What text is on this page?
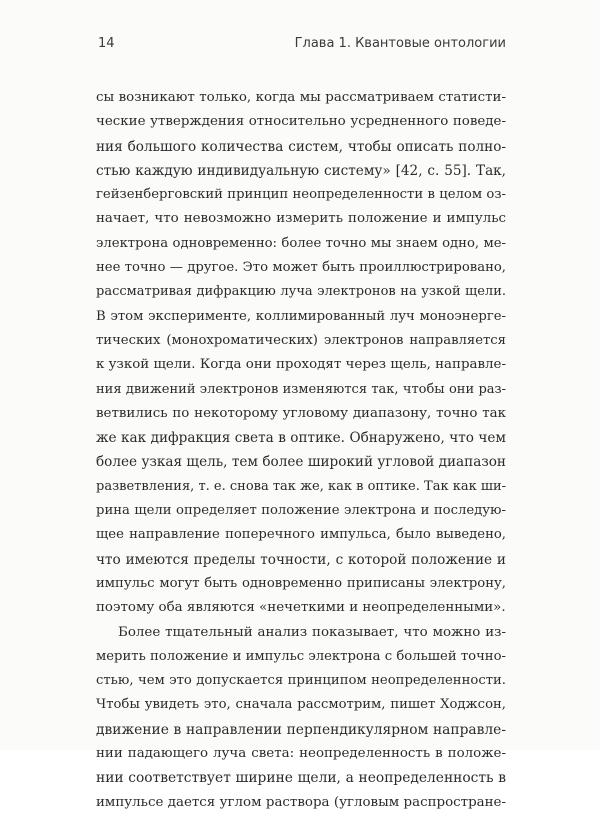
14	Глава 1. Квантовые онтологии
сы возникают только, когда мы рассматриваем статисти-
ческие утверждения относительно усредненного поведе-
ния большого количества систем, чтобы описать полно-
стью каждую индивидуальную систему» [42, с. 55]. Так,
гейзенберговский принцип неопределенности в целом оз-
начает, что невозможно измерить положение и импульс
электрона одновременно: более точно мы знаем одно, ме-
нее точно — другое. Это может быть проиллюстрировано,
рассматривая дифракцию луча электронов на узкой щели.
В этом эксперименте, коллимированный луч моноэнергe-
тических (монохроматических) электронов направляется
к узкой щели. Когда они проходят через щель, направле-
ния движений электронов изменяются так, чтобы они раз-
ветвились по некоторому угловому диапазону, точно так
же как дифракция света в оптике. Обнаружено, что чем
более узкая щель, тем более широкий угловой диапазон
разветвления, т. е. снова так же, как в оптике. Так как ши-
рина щели определяет положение электрона и последую-
щее направление поперечного импульса, было выведено,
что имеются пределы точности, с которой положение и
импульс могут быть одновременно приписаны электрону,
поэтому оба являются «нечеткими и неопределенными».
Более тщательный анализ показывает, что можно из-
мерить положение и импульс электрона с большей точно-
стью, чем это допускается принципом неопределенности.
Чтобы увидеть это, сначала рассмотрим, пишет Ходжсон,
движение в направлении перпендикулярном направле-
нии падающего луча света: неопределенность в положе-
нии соответствует ширине щели, а неопределенность в
импульсе дается углом раствора (угловым распростране-
